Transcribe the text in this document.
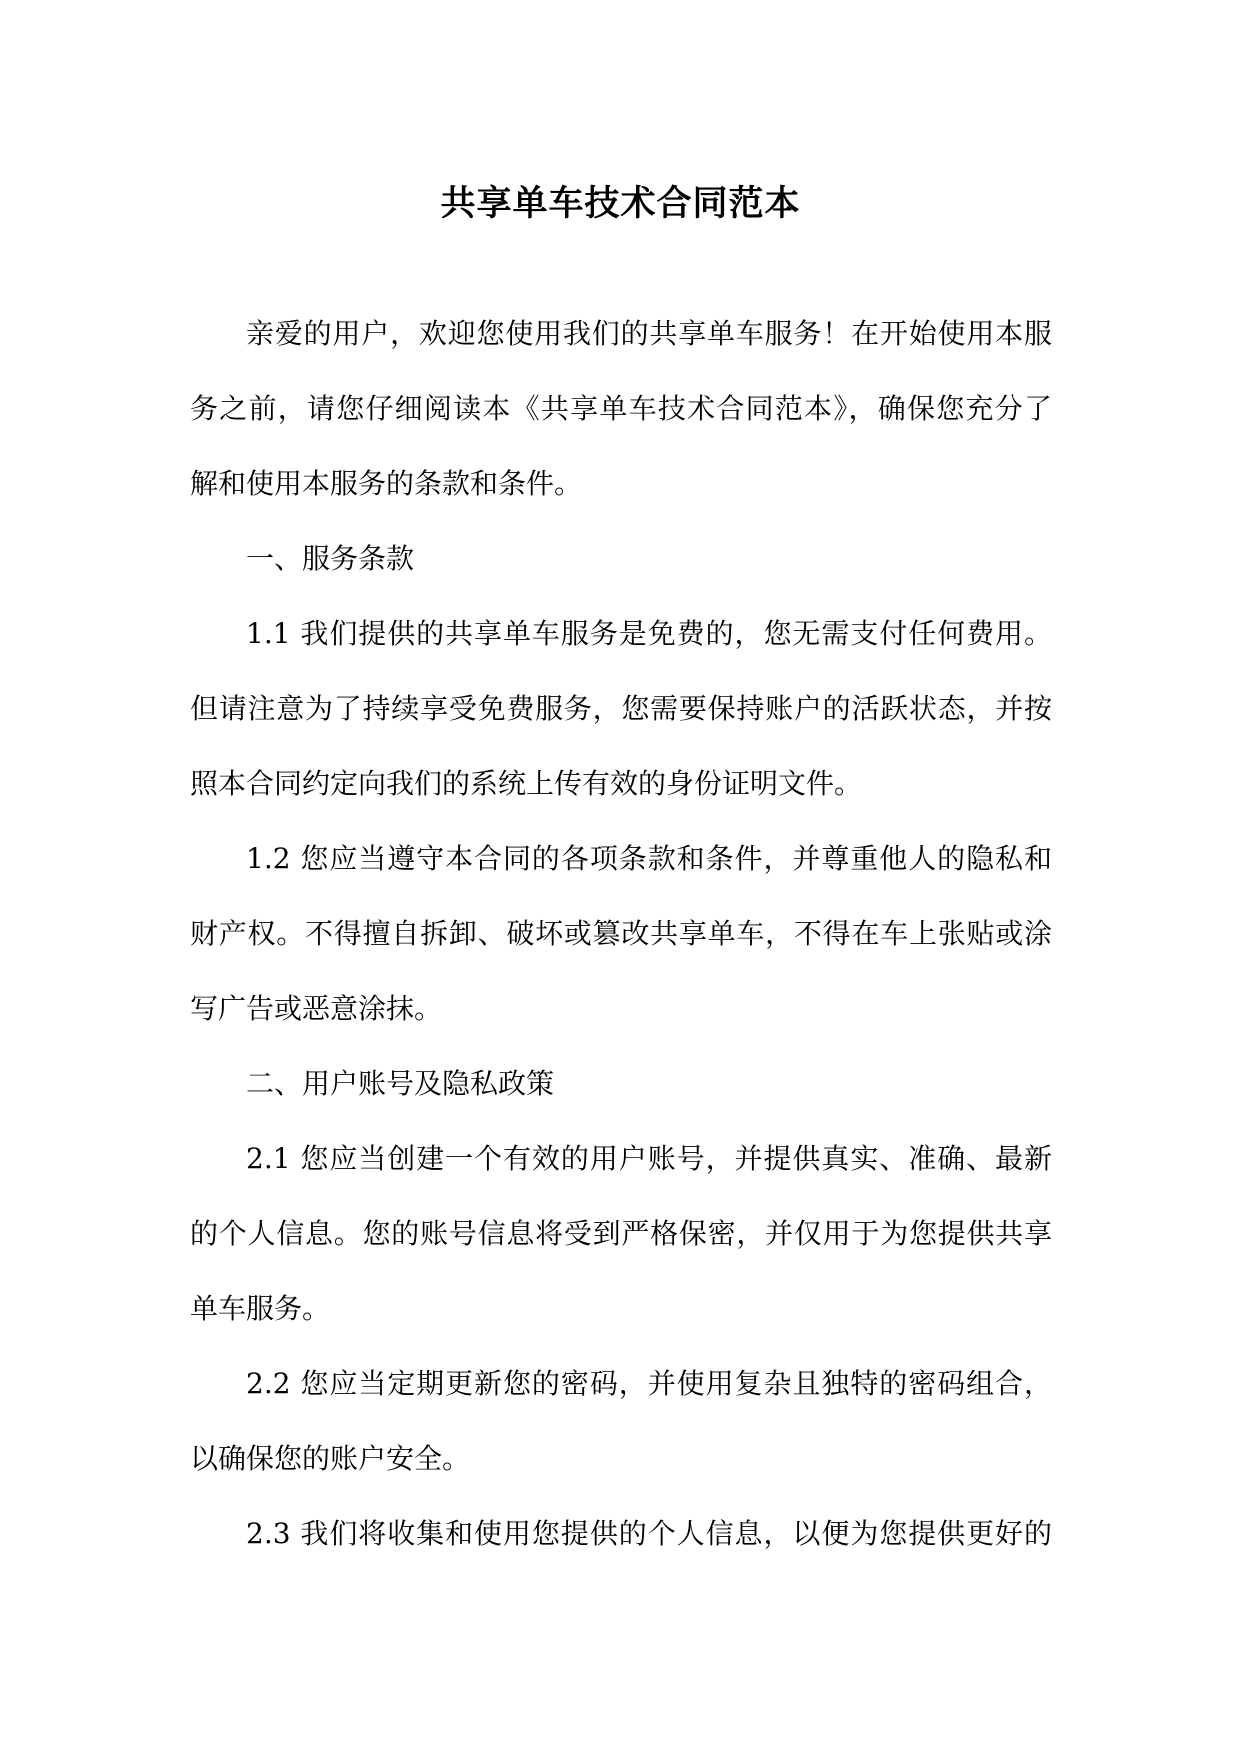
共享单车技术合同范本
亲爱的用户，欢迎您使用我们的共享单车服务！在开始使用本服
务之前，请您仔细阅读本《共享单车技术合同范本》，确保您充分了
解和使用本服务的条款和条件。
一、服务条款
1.1 我们提供的共享单车服务是免费的，您无需支付任何费用。
但请注意为了持续享受免费服务，您需要保持账户的活跃状态，并按
照本合同约定向我们的系统上传有效的身份证明文件。
1.2 您应当遵守本合同的各项条款和条件，并尊重他人的隐私和
财产权。不得擅自拆卸、破坏或篡改共享单车，不得在车上张贴或涂
写广告或恶意涂抹。
二、用户账号及隐私政策
2.1 您应当创建一个有效的用户账号，并提供真实、准确、最新
的个人信息。您的账号信息将受到严格保密，并仅用于为您提供共享
单车服务。
2.2 您应当定期更新您的密码，并使用复杂且独特的密码组合，
以确保您的账户安全。
2.3 我们将收集和使用您提供的个人信息，以便为您提供更好的
